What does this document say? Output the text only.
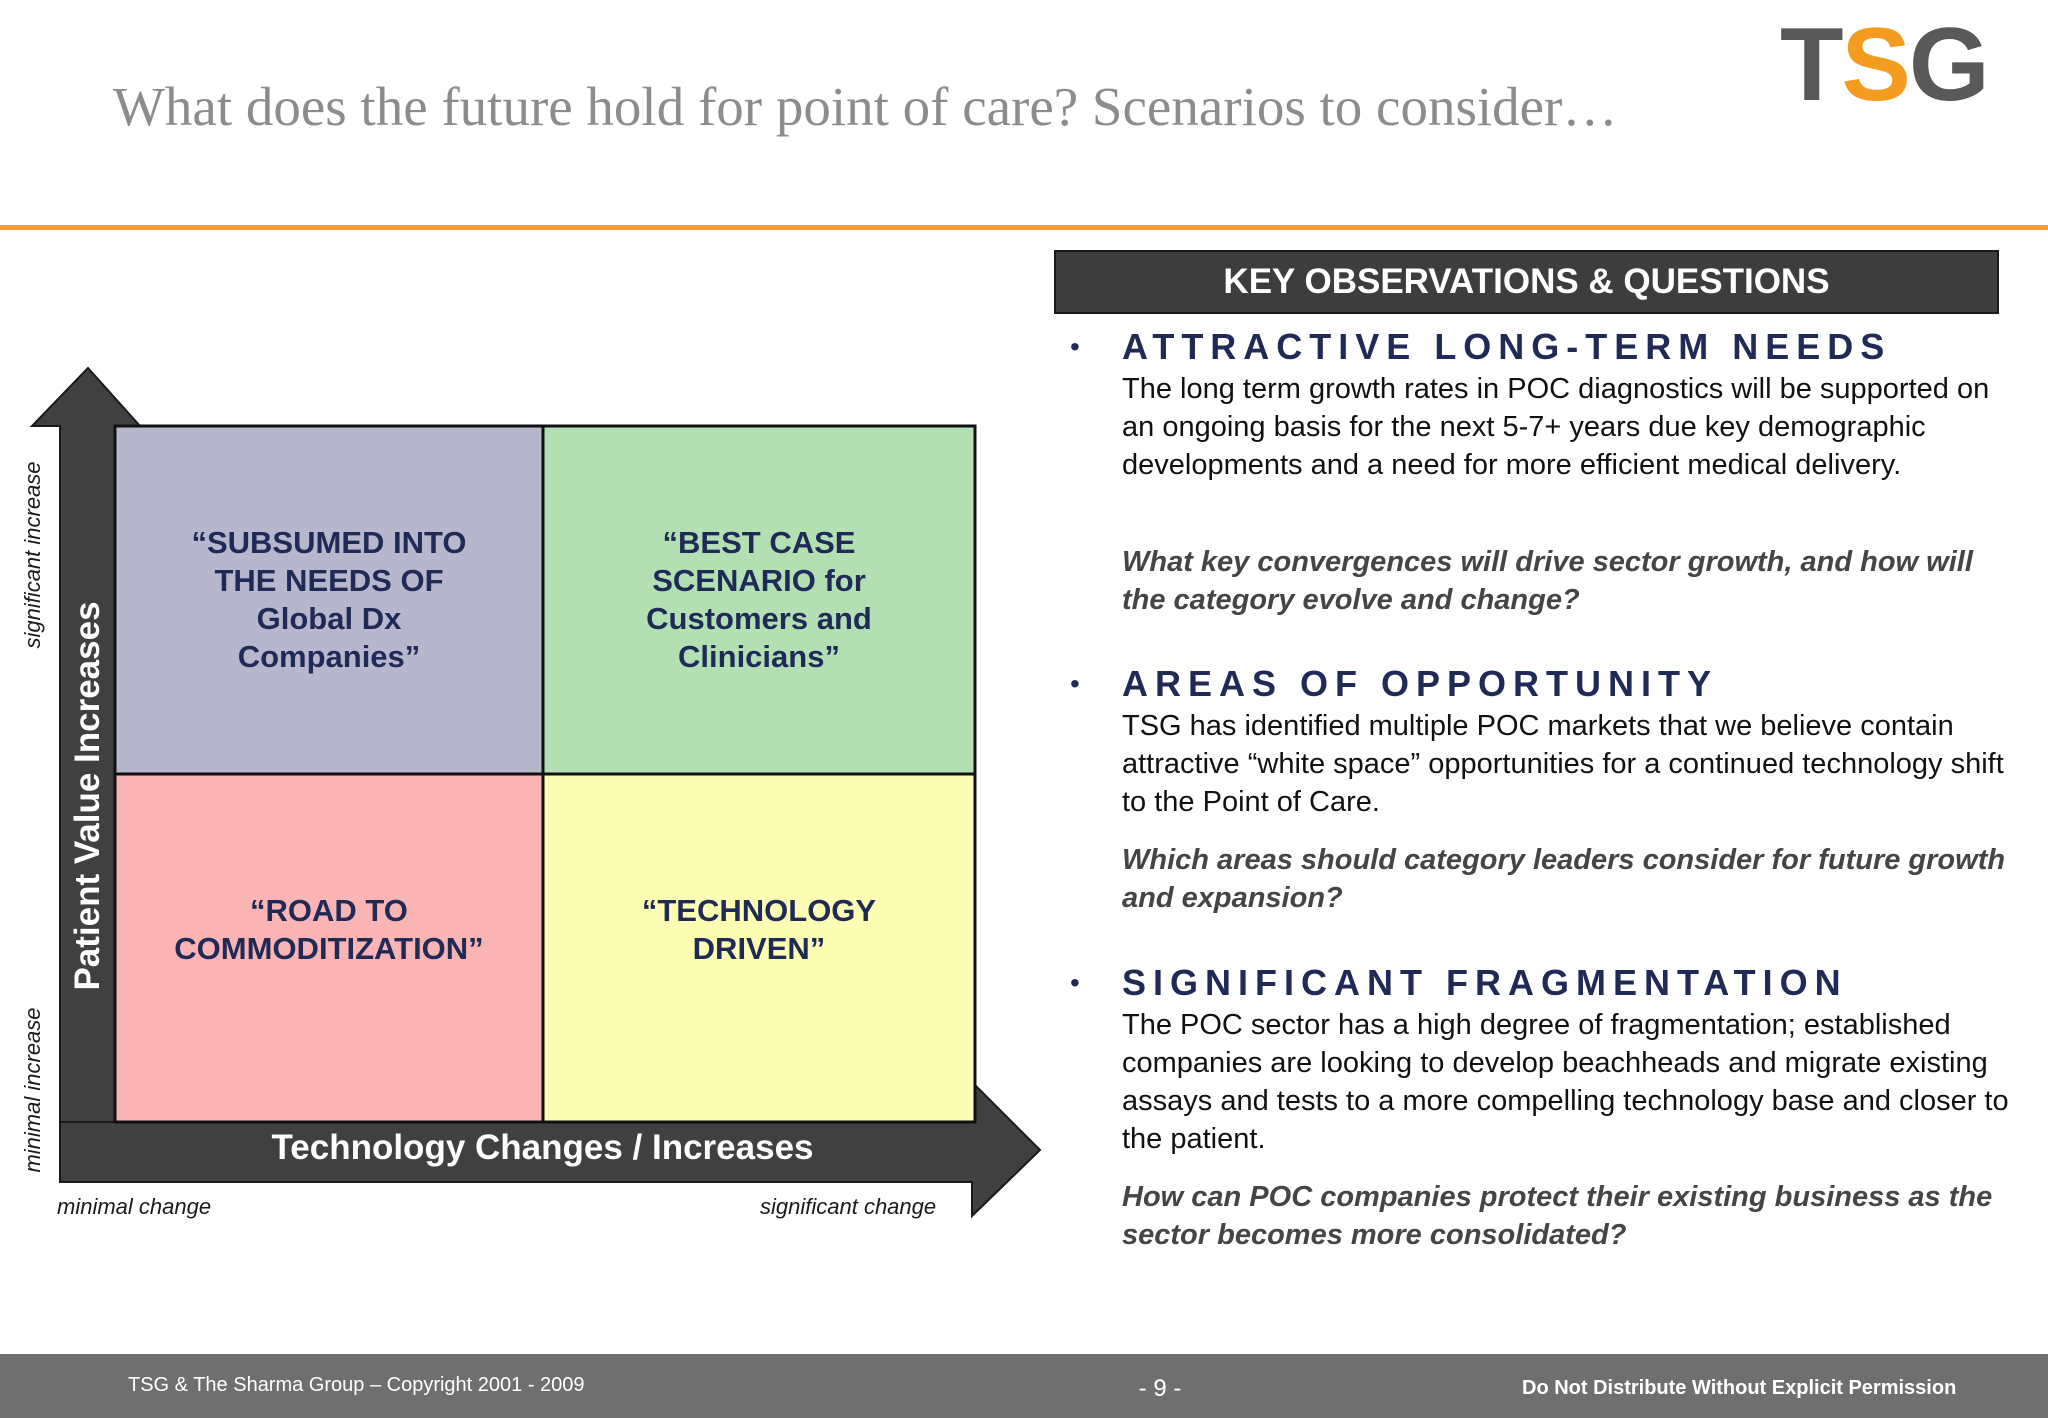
What does the future hold for point of care? Scenarios to consider…	TSG
“SUBSUMED INTO
THE NEEDS OF
Global Dx
Companies”
“BEST CASE
SCENARIO for
Customers and
Clinicians”
“ROAD TO
COMMODITIZATION”
“TECHNOLOGY
DRIVEN”
Patient Value Increases
Technology Changes / Increases
significant increase
minimal increase
minimal change	significant change
KEY OBSERVATIONS & QUESTIONS
• ATTRACTIVE LONG-TERM NEEDS
The long term growth rates in POC diagnostics will be supported on an ongoing basis for the next 5-7+ years due key demographic developments and a need for more efficient medical delivery.
What key convergences will drive sector growth, and how will the category evolve and change?
• AREAS OF OPPORTUNITY
TSG has identified multiple POC markets that we believe contain attractive “white space” opportunities for a continued technology shift to the Point of Care.
Which areas should category leaders consider for future growth and expansion?
• SIGNIFICANT FRAGMENTATION
The POC sector has a high degree of fragmentation; established companies are looking to develop beachheads and migrate existing assays and tests to a more compelling technology base and closer to the patient.
How can POC companies protect their existing business as the sector becomes more consolidated?
TSG & The Sharma Group – Copyright 2001 - 2009	- 9 -	Do Not Distribute Without Explicit Permission
